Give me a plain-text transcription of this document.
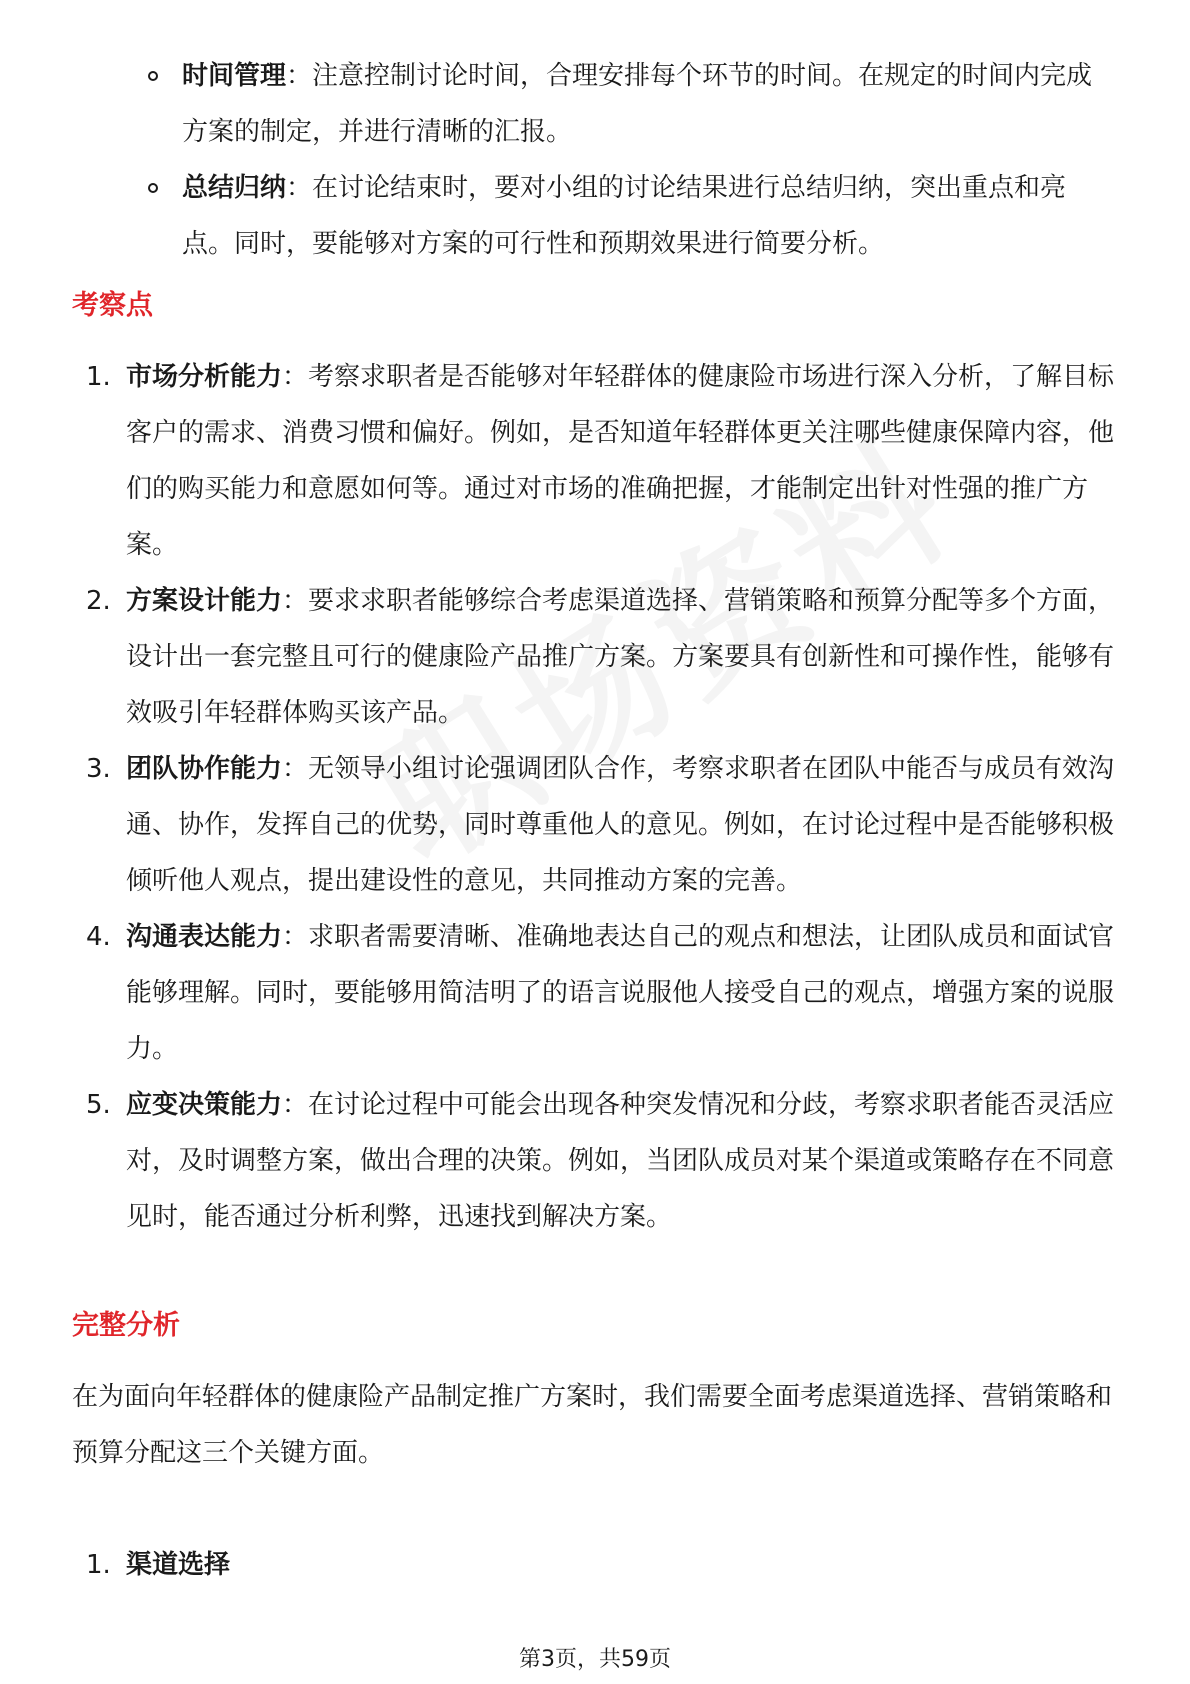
时间管理：注意控制讨论时间，合理安排每个环节的时间。在规定的时间内完成方案的制定，并进行清晰的汇报。
总结归纳：在讨论结束时，要对小组的讨论结果进行总结归纳，突出重点和亮点。同时，要能够对方案的可行性和预期效果进行简要分析。
考察点
1. 市场分析能力：考察求职者是否能够对年轻群体的健康险市场进行深入分析，了解目标客户的需求、消费习惯和偏好。例如，是否知道年轻群体更关注哪些健康保障内容，他们的购买能力和意愿如何等。通过对市场的准确把握，才能制定出针对性强的推广方案。
2. 方案设计能力：要求求职者能够综合考虑渠道选择、营销策略和预算分配等多个方面，设计出一套完整且可行的健康险产品推广方案。方案要具有创新性和可操作性，能够有效吸引年轻群体购买该产品。
3. 团队协作能力：无领导小组讨论强调团队合作，考察求职者在团队中能否与成员有效沟通、协作，发挥自己的优势，同时尊重他人的意见。例如，在讨论过程中是否能够积极倾听他人观点，提出建设性的意见，共同推动方案的完善。
4. 沟通表达能力：求职者需要清晰、准确地表达自己的观点和想法，让团队成员和面试官能够理解。同时，要能够用简洁明了的语言说服他人接受自己的观点，增强方案的说服力。
5. 应变决策能力：在讨论过程中可能会出现各种突发情况和分歧，考察求职者能否灵活应对，及时调整方案，做出合理的决策。例如，当团队成员对某个渠道或策略存在不同意见时，能否通过分析利弊，迅速找到解决方案。
完整分析
在为面向年轻群体的健康险产品制定推广方案时，我们需要全面考虑渠道选择、营销策略和预算分配这三个关键方面。
1. 渠道选择
第3页，共59页
